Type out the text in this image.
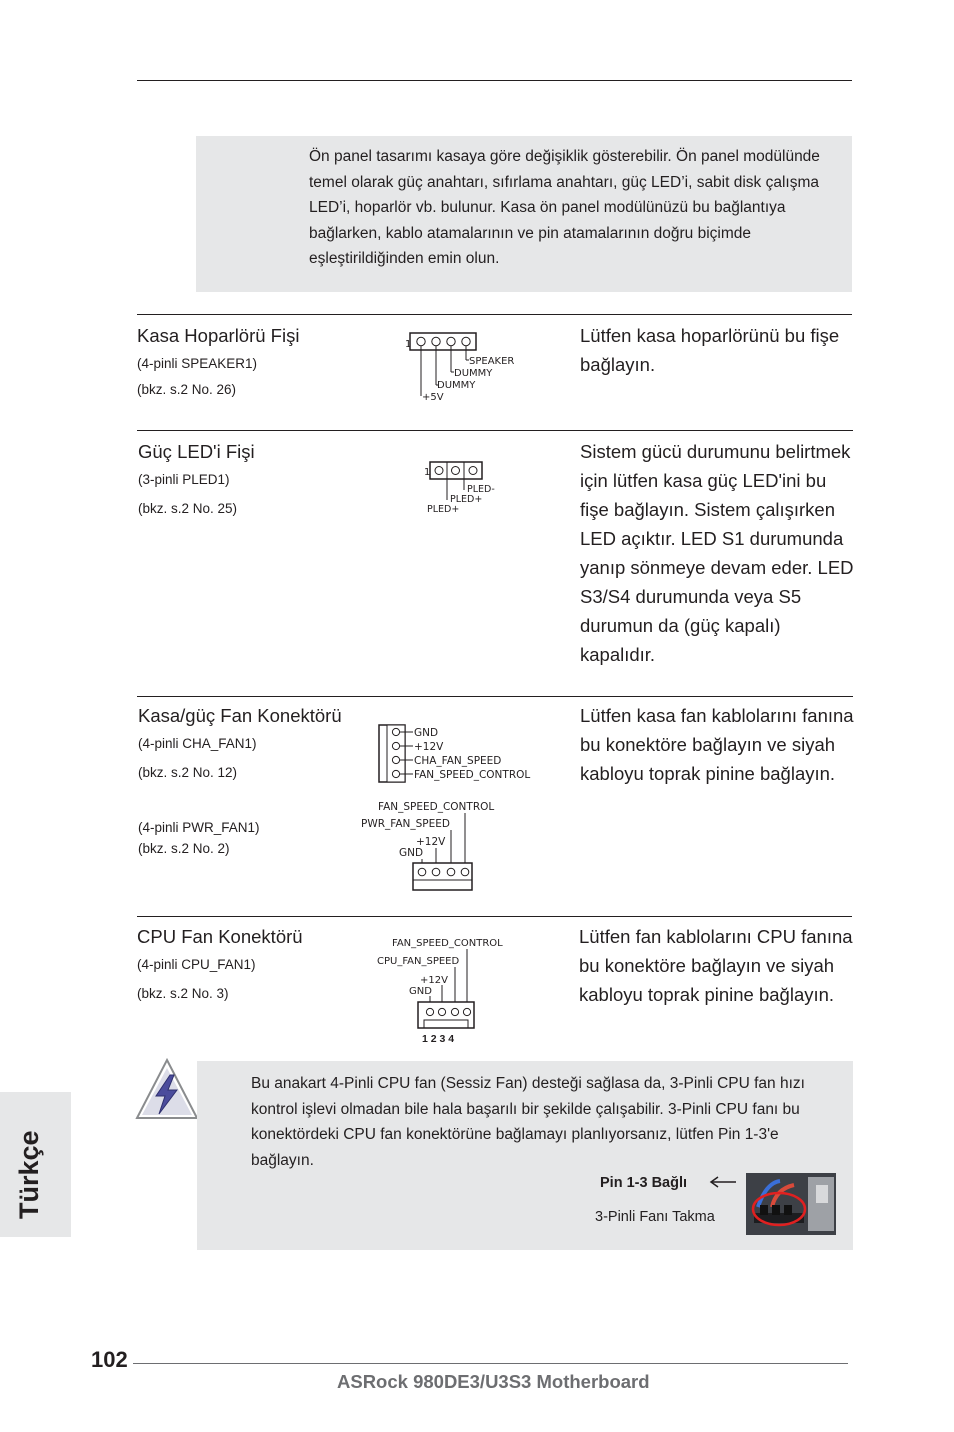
Ön panel tasarımı kasaya göre değişiklik gösterebilir. Ön panel modülünde temel olarak güç anahtarı, sıfırlama anahtarı, güç LED’i, sabit disk çalışma LED’i, hoparlör vb. bulunur. Kasa ön panel modülünüzü bu bağlantıya bağlarken, kablo atamalarının ve pin atamalarının doğru biçimde eşleştirildiğinden emin olun.
Kasa Hoparlörü Fişi
(4-pinli SPEAKER1)
(bkz. s.2 No. 26)
Lütfen kasa hoparlörünü bu fişe bağlayın.
1
SPEAKER
DUMMY
DUMMY
+5V
Güç LED'i Fişi
(3-pinli PLED1)
(bkz. s.2 No. 25)
Sistem gücü durumunu belirtmek için lütfen kasa güç LED'ini bu fişe bağlayın. Sistem çalışırken LED açıktır. LED S1 durumunda yanıp sönmeye devam eder. LED S3/S4 durumunda veya S5 durumun da (güç kapalı) kapalıdır.
1
PLED-
PLED+
PLED+
Kasa/güç Fan Konektörü
(4-pinli CHA_FAN1)
(bkz. s.2 No. 12)
(4-pinli PWR_FAN1)
(bkz. s.2 No. 2)
Lütfen kasa fan kablolarını fanına bu konektöre bağlayın ve siyah kabloyu toprak pinine bağlayın.
GND
+12V
CHA_FAN_SPEED
FAN_SPEED_CONTROL
FAN_SPEED_CONTROL
PWR_FAN_SPEED
+12V
GND
CPU Fan Konektörü
(4-pinli CPU_FAN1)
(bkz. s.2 No. 3)
Lütfen fan kablolarını CPU fanına bu konektöre bağlayın ve siyah kabloyu toprak pinine bağlayın.
FAN_SPEED_CONTROL
CPU_FAN_SPEED
+12V
GND
1 2 3 4
Bu anakart 4-Pinli CPU fan (Sessiz Fan) desteği sağlasa da, 3-Pinli CPU fan hızı kontrol işlevi olmadan bile hala başarılı bir şekilde çalışabilir. 3-Pinli CPU fanı bu konektördeki CPU fan konektörüne bağlamayı planlıyorsanız, lütfen Pin 1-3'e bağlayın.
Pin 1-3 Bağlı
3-Pinli Fanı Takma
Türkçe
102
ASRock 980DE3/U3S3 Motherboard
